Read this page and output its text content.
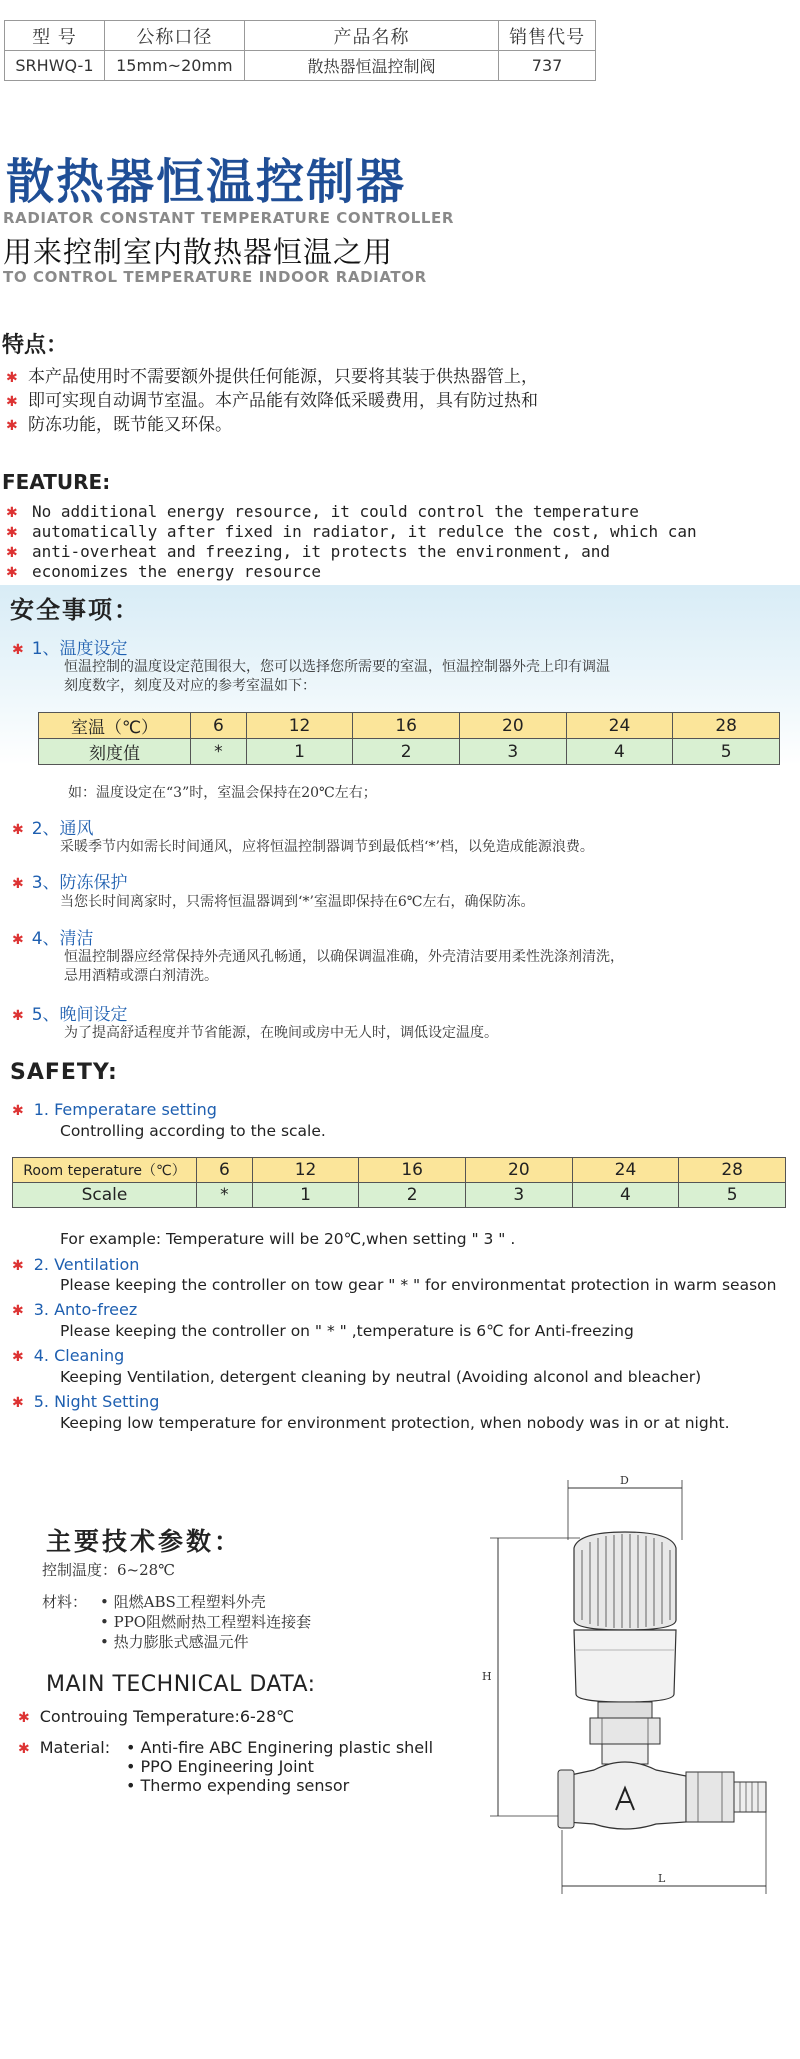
型 号	公称口径	产品名称	销售代号
SRHWQ-1	15mm~20mm	散热器恒温控制阀	737
散热器恒温控制器
RADIATOR CONSTANT TEMPERATURE CONTROLLER
用来控制室内散热器恒温之用
TO CONTROL TEMPERATURE INDOOR RADIATOR
特点：
✱ 本产品使用时不需要额外提供任何能源，只要将其装于供热器管上，
✱ 即可实现自动调节室温。本产品能有效降低采暖费用，具有防过热和
✱ 防冻功能，既节能又环保。
FEATURE:
✱ No additional energy resource, it could control the temperature
✱ automatically after fixed in radiator, it redulce the cost, which can
✱ anti-overheat and freezing, it protects the environment, and
✱ economizes the energy resource
安全事项：
✱ 1、温度设定
恒温控制的温度设定范围很大，您可以选择您所需要的室温，恒温控制器外壳上印有调温
刻度数字，刻度及对应的参考室温如下：
室温（℃）	6	12	16	20	24	28
刻度值	*	1	2	3	4	5
如：温度设定在“3”时，室温会保持在20℃左右；
✱ 2、通风
采暖季节内如需长时间通风，应将恒温控制器调节到最低档‘*’档，以免造成能源浪费。
✱ 3、防冻保护
当您长时间离家时，只需将恒温器调到‘*’室温即保持在6℃左右，确保防冻。
✱ 4、清洁
恒温控制器应经常保持外壳通风孔畅通，以确保调温准确，外壳清洁要用柔性洗涤剂清洗，
忌用酒精或漂白剂清洗。
✱ 5、晚间设定
为了提高舒适程度并节省能源，在晚间或房中无人时，调低设定温度。
SAFETY:
✱ 1. Femperatare setting
Controlling according to the scale.
Room teperature（℃）	6	12	16	20	24	28
Scale	*	1	2	3	4	5
For example: Temperature will be 20℃,when setting " 3 " .
✱ 2. Ventilation
Please keeping the controller on tow gear " * " for environmentat protection in warm season
✱ 3. Anto-freez
Please keeping the controller on " * " ,temperature is 6℃ for Anti-freezing
✱ 4. Cleaning
Keeping Ventilation, detergent cleaning by neutral (Avoiding alconol and bleacher)
✱ 5. Night Setting
Keeping low temperature for environment protection, when nobody was in or at night.
主要技术参数：
控制温度：6~28℃
材料： • 阻燃ABS工程塑料外壳
• PPO阻燃耐热工程塑料连接套
• 热力膨胀式感温元件
MAIN TECHNICAL DATA:
✱ Controuing Temperature:6-28℃
✱ Material: • Anti-fire ABC Enginering plastic shell
• PPO Engineering Joint
• Thermo expending sensor
D
H
L
